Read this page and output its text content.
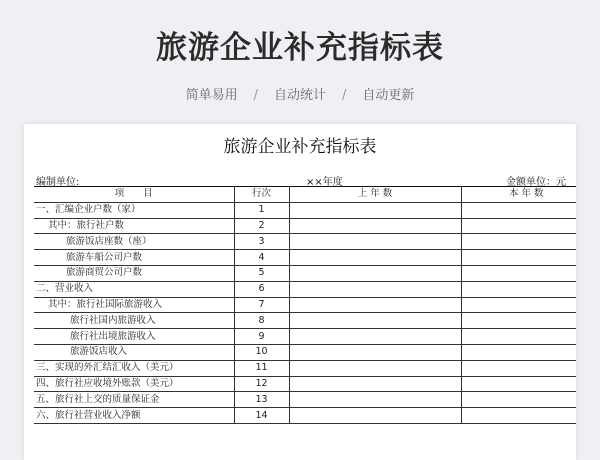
旅游企业补充指标表
简单易用 / 自动统计 / 自动更新
旅游企业补充指标表
编制单位:	××年度	金额单位：元
项　　目	行次	上 年 数	本 年 数
一、汇编企业户数（家）	1		
其中：旅行社户数	2		
旅游饭店座数（座）	3		
旅游车船公司户数	4		
旅游商贸公司户数	5		
二、营业收入	6		
其中：旅行社国际旅游收入	7		
旅行社国内旅游收入	8		
旅行社出境旅游收入	9		
旅游饭店收入	10		
三、实现的外汇结汇收入（美元）	11		
四、旅行社应收境外账款（美元）	12		
五、旅行社上交的质量保证金	13		
六、旅行社营业收入净额	14		
